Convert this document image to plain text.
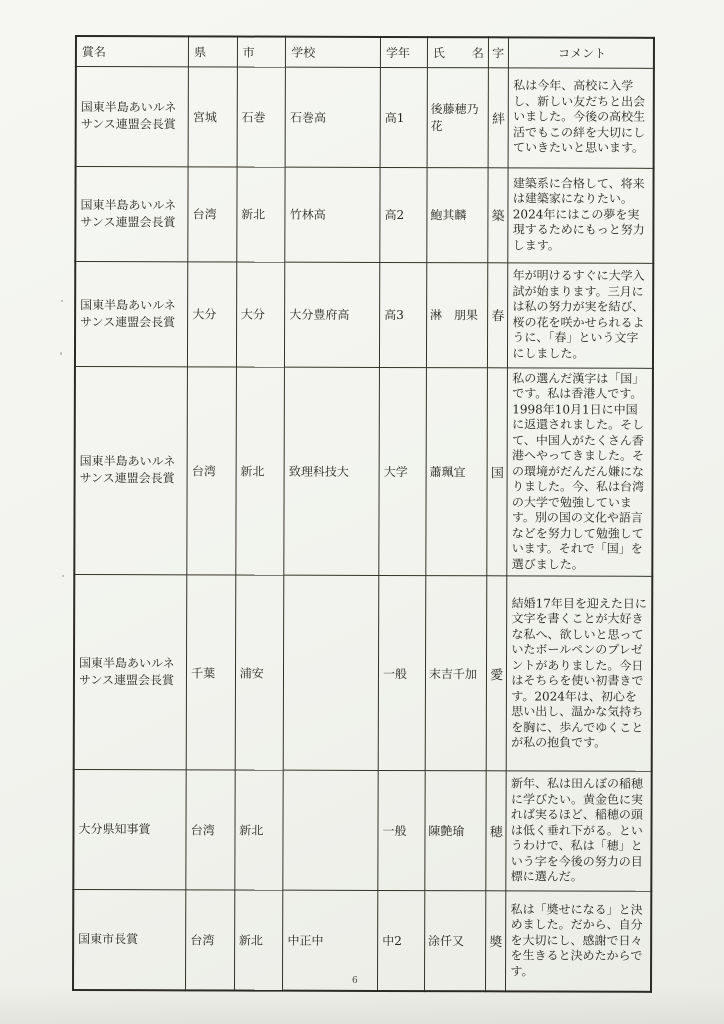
賞名	県	市	学校	学年	氏　　名	字	コメント
国東半島あいルネサンス連盟会長賞	宮城	石巻	石巻高	高1	後藤穂乃花	絆	私は今年、高校に入学し、新しい友だちと出会いました。今後の高校生活でもこの絆を大切にしていきたいと思います。
国東半島あいルネサンス連盟会長賞	台湾	新北	竹林高	高2	鮑其麟	築	建築系に合格して、将来は建築家になりたい。2024年にはこの夢を実現するためにもっと努力します。
国東半島あいルネサンス連盟会長賞	大分	大分	大分豊府高	高3	淋　朋果	春	年が明けるすぐに大学入試が始まります。三月には私の努力が実を結び、桜の花を咲かせられるように、「春」という文字にしました。
国東半島あいルネサンス連盟会長賞	台湾	新北	致理科技大	大学	蕭珮宜	国	私の選んだ漢字は「国」です。私は香港人です。1998年10月1日に中国に返還されました。そして、中国人がたくさん香港へやってきました。その環境がだんだん嫌になりました。今、私は台湾の大学で勉強しています。別の国の文化や語言などを努力して勉強しています。それで「国」を選びました。
国東半島あいルネサンス連盟会長賞	千葉	浦安		一般	末吉千加	愛	結婚17年目を迎えた日に文字を書くことが大好きな私へ、欲しいと思っていたボールペンのプレゼントがありました。今日はそちらを使い初書きです。2024年は、初心を思い出し、温かな気持ちを胸に、歩んでゆくことが私の抱負です。
大分県知事賞	台湾	新北		一般	陳艶瑜	穂	新年、私は田んぼの稲穂に学びたい。黄金色に実れば実るほど、稲穂の頭は低く垂れ下がる。というわけで、私は「穂」という字を今後の努力の目標に選んだ。
国東市長賞	台湾	新北	中正中	中2	涂仟又	奬	私は「奬せになる」と決めました。だから、自分を大切にし、感謝で日々を生きると決めたからです。
6
